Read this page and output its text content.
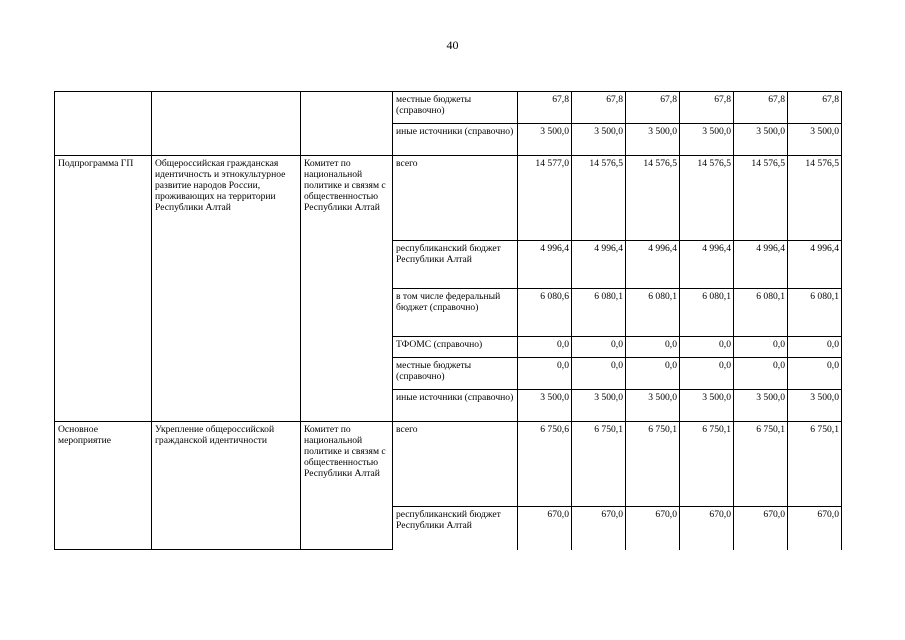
40
			местные бюджеты (справочно)	67,8	67,8	67,8	67,8	67,8	67,8
			иные источники (справочно)	3 500,0	3 500,0	3 500,0	3 500,0	3 500,0	3 500,0
Подпрограмма ГП	Общероссийская гражданская идентичность и этнокультурное развитие народов России, проживающих на территории Республики Алтай	Комитет по национальной политике и связям с общественностью Республики Алтай	всего	14 577,0	14 576,5	14 576,5	14 576,5	14 576,5	14 576,5
			республиканский бюджет Республики Алтай	4 996,4	4 996,4	4 996,4	4 996,4	4 996,4	4 996,4
			в том числе федеральный бюджет (справочно)	6 080,6	6 080,1	6 080,1	6 080,1	6 080,1	6 080,1
			ТФОМС (справочно)	0,0	0,0	0,0	0,0	0,0	0,0
			местные бюджеты (справочно)	0,0	0,0	0,0	0,0	0,0	0,0
			иные источники (справочно)	3 500,0	3 500,0	3 500,0	3 500,0	3 500,0	3 500,0
Основное мероприятие	Укрепление общероссийской гражданской идентичности	Комитет по национальной политике и связям с общественностью Республики Алтай	всего	6 750,6	6 750,1	6 750,1	6 750,1	6 750,1	6 750,1
			республиканский бюджет Республики Алтай	670,0	670,0	670,0	670,0	670,0	670,0
